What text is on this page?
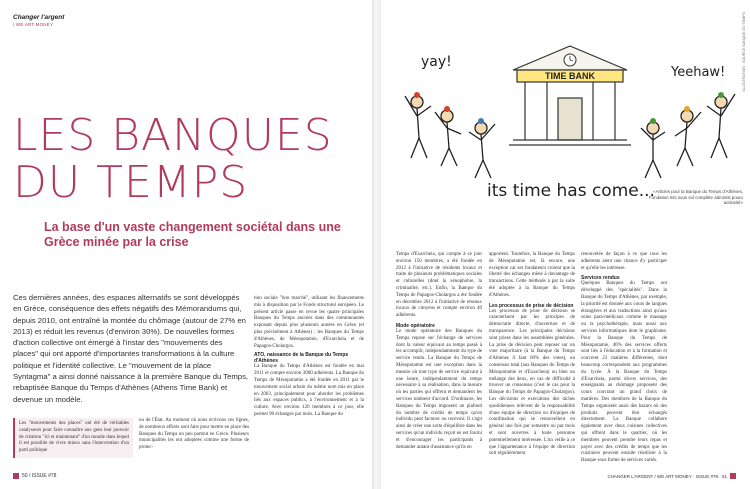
Changer l'argent
/ WE ART MONEY
LES BANQUES
DU TEMPS
La base d'un vaste changement sociétal dans une Grèce minée par la crise

Ces dernières années, des espaces alternatifs se sont développés en Grèce, conséquence des effets négatifs des Mémorandums qui, depuis 2010, ont entraîné la montée du chômage (autour de 27% en 2013) et réduit les revenus (d'environ 30%). De nouvelles formes d'action collective ont émergé à l'instar des "mouvements des places" qui ont apporté d'importantes transformations à la culture politique et l'identité collective. Le "mouvement de la place Syntagma" a ainsi donné naissance à la première Banque du Temps, rebaptisée Banque du Temps d'Athènes (Athens Time Bank) et devenue un modèle.

tion sociale "bon marché", utilisant les financements mis à disposition par le Fonds structurel européen. Le présent article passe en revue les quatre principales Banques du Temps ancrées dans des communautés exposant depuis plus plusieurs années en Grèce (et plus précisément à Athènes) : les Banques du Temps d'Athènes, de Mésopotamie, d'Exarcheia et de Papagos-Cholargos.

ATO, naissance de la Banque du Temps d'Athènes

La Banque du Temps d'Athènes est fondée en mai 2011 et compte environ 3000 adhérents. La Banque du Temps de Mésopotamie a été fondée en 2011 par le mouvement social urbain du même nom mis en place en 2003, principalement pour aborder les problèmes liés aux espaces publics, à l'environnement et à la culture. Avec environ 120 membres à ce jour, elle permet 90 échanges par mois. La Banque du

Les "mouvements des places" ont été de véritables catalyseurs pour faire connaître aux gens leur pouvoir de création "ici et maintenant" d'un monde dans lequel il est possible de vivre mieux sans l'intervention d'un parti politique

ou de l'État. Au moment où nous écrivons ces lignes, de nombreux efforts sont faits pour mettre en place des Banques du Temps un peu partout en Grèce. Plusieurs municipalités les ont adoptées comme une forme de protec-

50 / ISSUE #78
ILLUSTRATION : SOURCE BANQUE DU TEMPS
TIME BANK
yay!
Yeehaw!
its time has come...
«Articles pour la Banque du Temps d'Athènes, Fondation mis sous sol complète administ pouro actisivité»

Temps d'Exarcheia, qui compte à ce jour environ 150 membres, a été fondée en 2012 à l'initiative de résidents locaux et traite de plusieurs problématiques sociales et culturelles (dont la xénophobie, la criminalité, etc.). Enfin, la Banque du Temps de Papagos-Cholargos a été fondée en décembre 2012 à l'initiative de réseaux locaux de citoyens et compte environ 40 adhérents.

Mode opératoire

Le mode opératoire des Banques du Temps repose sur l'échange de services dont la valeur équivaut au temps passé à les accomplir, indépendamment du type de service rendu. La Banque du Temps de Mésopotamie est une exception dans la mesure où tout type de service équivaut à une heure, indépendamment du temps nécessaire à sa réalisation, dans la mesure où les parties qui offrent et demandent les services tombent d'accord. D'ordinaire, les Banques du Temps imposent un plafond du nombre de crédits de temps qu'un individu peut facturer ou recevoir. Il s'agit ainsi de créer une sorte d'équilibre dans les services qu'un individu reçoit en est fourni et d'encourager les participants à demander autant d'assistance qu'ils en

apportent. Toutefois, la Banque du Temps de Mésopotamie est, là encore, une exception car ses fondateurs croient que la liberté des échanges mène à davantage de transactions. Cette méthode a par la suite été adoptée à la Banque du Temps d'Athènes.

Les processus de prise de décision

Les processus de prise de décision se caractérisent par les principes de démocratie directe, d'ouverture et de transparence. Les principales décisions sont prises dans les assemblées générales. La prise de décision peut reposer sur un vote majoritaire (à la Banque du Temps d'Athènes il faut 60% des votes), un consensus total (aux Banques du Temps de Mésopotamie et d'Exarcheia) ou bien un mélange des deux, en cas de difficulté à trouver un consensus (c'est le cas pour la Banque du Temps de Papagos-Cholargos). Les décisions et exécutions des tâches quotidiennes relèvent de la responsabilité d'une équipe de direction ou d'équipes de coordination qui se renouvellent en général une fois par semestre ou par mois et sont ouvertes à toute personne potentiellement intéressée. L'un veille à ce que l'appartenance à l'équipe de direction soit régulièrement

renouvelée de façon à ce que tous les adhérents aient une chance d'y participer et qu'elle les intéresse.

Services rendus

Quelques Banques du Temps ont développé des "spécialités". Dans la Banque du Temps d'Athènes, par exemple, la priorité est donnée aux cours de langues étrangères et aux traductions ainsi qu'aux soins para-médicaux comme le massage ou la psychothérapie, mais aussi aux services informatiques dont le graphisme. Pour la Banque du Temps de Mésopotamie, 40% des services offerts sont liés à l'éducation et à la formation et couvrent 23 matières différentes, dont beaucoup correspondent aux programmes du lycée. À la Banque du Temps d'Exarcheia, parmi divers services, des enseignants au chômage proposent des cours couvrant un grand choix de matières. Des membres de la Banque du Temps organisent aussi des bazars où des produits peuvent être échangés directement. La Banque collabore également avec deux cuisines collectives qui offrent dans le quartier, où les membres peuvent prendre leurs repas et payer avec des crédits de temps que les cuisiniers peuvent ensuite réutiliser à la Banque sous forme de services variés.

CHANGER L'ARGENT / WE ART MONEY · ISSUE #78 · 51
